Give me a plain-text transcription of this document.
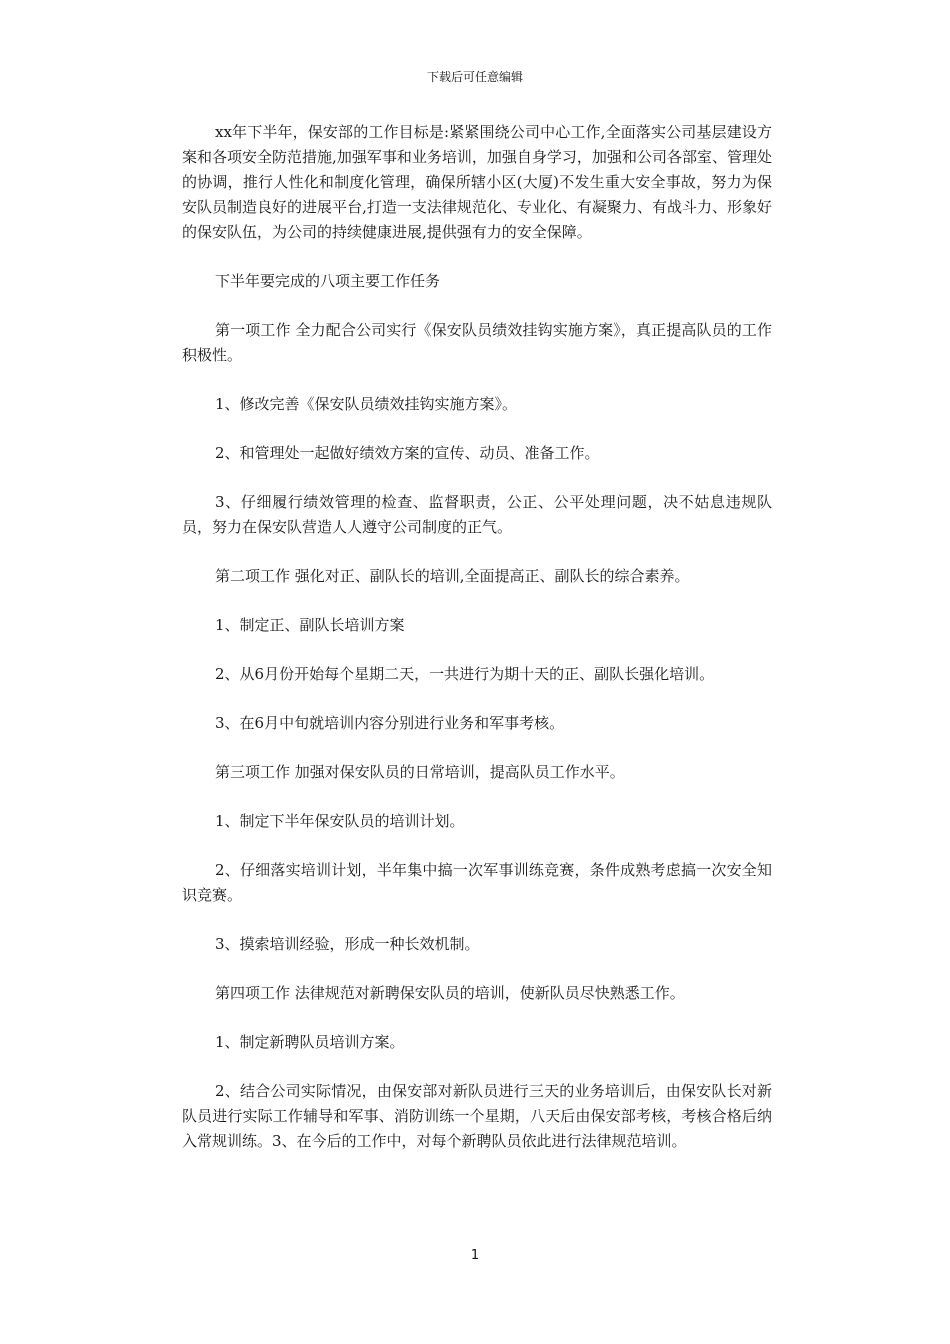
下载后可任意编辑

xx年下半年，保安部的工作目标是:紧紧围绕公司中心工作,全面落实公司基层建设方案和各项安全防范措施,加强军事和业务培训，加强自身学习，加强和公司各部室、管理处的协调，推行人性化和制度化管理，确保所辖小区(大厦)不发生重大安全事故，努力为保安队员制造良好的进展平台,打造一支法律规范化、专业化、有凝聚力、有战斗力、形象好的保安队伍，为公司的持续健康进展,提供强有力的安全保障。

下半年要完成的八项主要工作任务

第一项工作 全力配合公司实行《保安队员绩效挂钩实施方案》，真正提高队员的工作积极性。

1、修改完善《保安队员绩效挂钩实施方案》。

2、和管理处一起做好绩效方案的宣传、动员、准备工作。

3、仔细履行绩效管理的检查、监督职责，公正、公平处理问题，决不姑息违规队员，努力在保安队营造人人遵守公司制度的正气。

第二项工作 强化对正、副队长的培训,全面提高正、副队长的综合素养。

1、制定正、副队长培训方案

2、从6月份开始每个星期二天，一共进行为期十天的正、副队长强化培训。

3、在6月中旬就培训内容分别进行业务和军事考核。

第三项工作 加强对保安队员的日常培训，提高队员工作水平。

1、制定下半年保安队员的培训计划。

2、仔细落实培训计划，半年集中搞一次军事训练竞赛，条件成熟考虑搞一次安全知识竞赛。

3、摸索培训经验，形成一种长效机制。

第四项工作 法律规范对新聘保安队员的培训，使新队员尽快熟悉工作。

1、制定新聘队员培训方案。

2、结合公司实际情况，由保安部对新队员进行三天的业务培训后，由保安队长对新队员进行实际工作辅导和军事、消防训练一个星期，八天后由保安部考核，考核合格后纳入常规训练。3、在今后的工作中，对每个新聘队员依此进行法律规范培训。

1
